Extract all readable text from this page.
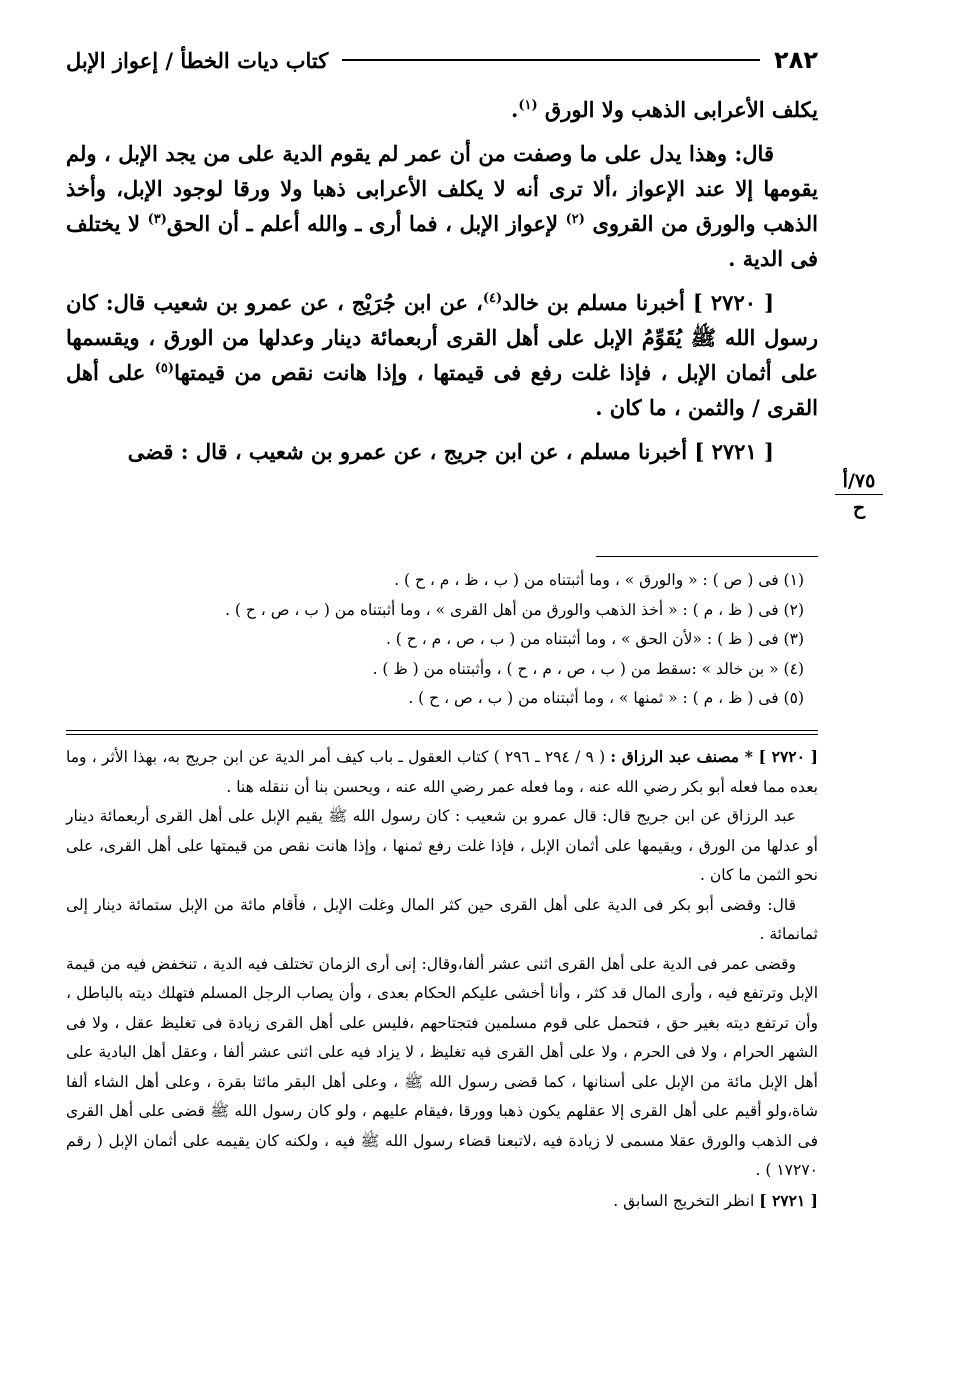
٢٨٢
كتاب ديات الخطأ / إعواز الإبل

يكلف الأعرابى الذهب ولا الورق $^{(١)}$.

قال: وهذا يدل على ما وصفت من أن عمر لم يقوم الدية على من يجد الإبل ، ولم يقومها إلا عند الإعواز ،ألا ترى أنه لا يكلف الأعرابى ذهبا ولا ورقا لوجود الإبل، وأخذ الذهب والورق من القروى $^{(٢)}$ لإعواز الإبل ، فما أرى ـ والله أعلم ـ أن الحق$^{(٣)}$ لا يختلف فى الدية .

[ ٢٧٢٠ ] أخبرنا مسلم بن خالد$^{(٤)}$، عن ابن جُرَيْج ، عن عمرو بن شعيب قال: كان رسول الله ﷺ يُقَوِّمُ الإبل على أهل القرى أربعمائة دينار وعدلها من الورق ، ويقسمها على أثمان الإبل ، فإذا غلت رفع فى قيمتها ، وإذا هانت نقص من قيمتها$^{(٥)}$ على أهل القرى / والثمن ، ما كان .

[ ٢٧٢١ ] أخبرنا مسلم ، عن ابن جريج ، عن عمرو بن شعيب ، قال : قضى

٧٥/أ
ح
(١) فى ( ص ) : « والورق » ، وما أثبتناه من ( ب ، ظ ، م ، ح ) .
(٢) فى ( ظ ، م ) : « أخذ الذهب والورق من أهل القرى » ، وما أثبتناه من ( ب ، ص ، ح ) .
(٣) فى ( ظ ) : «لأن الحق » ، وما أثبتناه من ( ب ، ص ، م ، ح ) .
(٤) « بن خالد » :سقط من ( ب ، ص ، م ، ح ) ، وأثبتناه من ( ظ ) .
(٥) فى ( ظ ، م ) : « ثمنها » ، وما أثبتناه من ( ب ، ص ، ح ) .

[ ٢٧٢٠ ] * مصنف عبد الرزاق : ( ٩ / ٢٩٤ ـ ٢٩٦ ) كتاب العقول ـ باب كيف أمر الدية عن ابن جريج به، بهذا الأثر ، وما بعده مما فعله أبو بكر رضي الله عنه ، وما فعله عمر رضي الله عنه ، ويحسن بنا أن ننقله هنا .

عبد الرزاق عن ابن جريج قال: قال عمرو بن شعيب : كان رسول الله ﷺ يقيم الإبل على أهل القرى أربعمائة دينار أو عدلها من الورق ، ويقيمها على أثمان الإبل ، فإذا غلت رفع ثمنها ، وإذا هانت نقص من قيمتها على أهل القرى، على نحو الثمن ما كان .

قال: وقضى أبو بكر فى الدية على أهل القرى حين كثر المال وغلت الإبل ، فأقام مائة من الإبل ستمائة دينار إلى ثمانمائة .

وقضى عمر فى الدية على أهل القرى اثنى عشر ألفا،وقال: إنى أرى الزمان تختلف فيه الدية ، تنخفض فيه من قيمة الإبل وترتفع فيه ، وأرى المال قد كثر ، وأنا أخشى عليكم الحكام بعدى ، وأن يصاب الرجل المسلم فتهلك ديته بالباطل ، وأن ترتفع ديته بغير حق ، فتحمل على قوم مسلمين فتجتاحهم ،فليس على أهل القرى زيادة فى تغليظ عقل ، ولا فى الشهر الحرام ، ولا فى الحرم ، ولا على أهل القرى فيه تغليظ ، لا يزاد فيه على اثنى عشر ألفا ، وعقل أهل البادية على أهل الإبل مائة من الإبل على أسنانها ، كما قضى رسول الله ﷺ ، وعلى أهل البقر مائتا بقرة ، وعلى أهل الشاء ألفا شاة،ولو أقيم على أهل القرى إلا عقلهم يكون ذهبا وورقا ،فيقام عليهم ، ولو كان رسول الله ﷺ قضى على أهل القرى فى الذهب والورق عقلا مسمى لا زيادة فيه ،لاتبعنا قضاء رسول الله ﷺ فيه ، ولكنه كان يقيمه على أثمان الإبل ( رقم ١٧٢٧٠ ) .

[ ٢٧٢١ ] انظر التخريج السابق .
